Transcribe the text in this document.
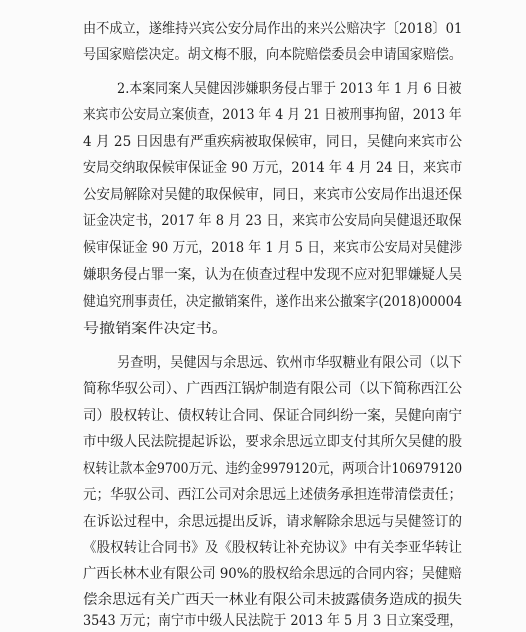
由不成立，遂维持兴宾公安分局作出的来兴公赔决字〔2018〕01
号国家赔偿决定。胡文梅不服，向本院赔偿委员会申请国家赔偿。
2.本案同案人吴健因涉嫌职务侵占罪于 2013 年 1 月 6 日被
来宾市公安局立案侦查，2013 年 4 月 21 日被刑事拘留，2013 年
4 月 25 日因患有严重疾病被取保候审，同日，吴健向来宾市公
安局交纳取保候审保证金 90 万元，2014 年 4 月 24 日，来宾市
公安局解除对吴健的取保候审，同日，来宾市公安局作出退还保
证金决定书，2017 年 8 月 23 日，来宾市公安局向吴健退还取保
候审保证金 90 万元，2018 年 1 月 5 日，来宾市公安局对吴健涉
嫌职务侵占罪一案，认为在侦查过程中发现不应对犯罪嫌疑人吴
健追究刑事责任，决定撤销案件，遂作出来公撤案字(2018)00004
号撤销案件决定书。
另查明，吴健因与余思远、钦州市华驭糖业有限公司（以下
简称华驭公司）、广西西江锅炉制造有限公司（以下简称西江公
司）股权转让、债权转让合同、保证合同纠纷一案，吴健向南宁
市中级人民法院提起诉讼，要求余思远立即支付其所欠吴健的股
权转让款本金9700万元、违约金9979120元，两项合计106979120
元；华驭公司、西江公司对余思远上述债务承担连带清偿责任；
在诉讼过程中，余思远提出反诉，请求解除余思远与吴健签订的
《股权转让合同书》及《股权转让补充协议》中有关李亚华转让
广西长林木业有限公司 90%的股权给余思远的合同内容；吴健赔
偿余思远有关广西天一林业有限公司未披露债务造成的损失
3543 万元；南宁市中级人民法院于 2013 年 5 月 3 日立案受理，
